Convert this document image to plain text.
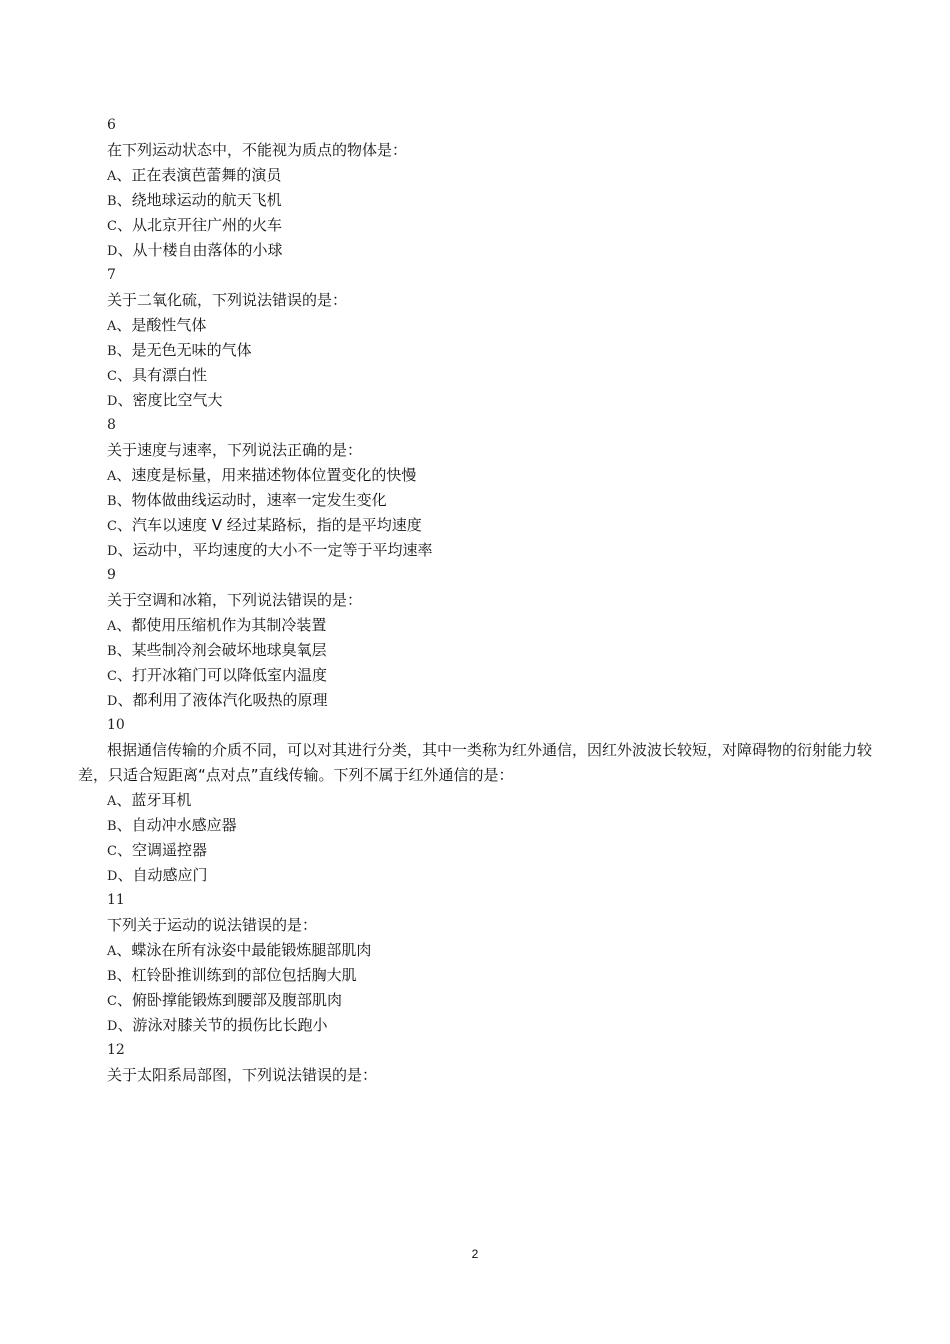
6
在下列运动状态中，不能视为质点的物体是：
A、正在表演芭蕾舞的演员
B、绕地球运动的航天飞机
C、从北京开往广州的火车
D、从十楼自由落体的小球
7
关于二氧化硫，下列说法错误的是：
A、是酸性气体
B、是无色无味的气体
C、具有漂白性
D、密度比空气大
8
关于速度与速率，下列说法正确的是：
A、速度是标量，用来描述物体位置变化的快慢
B、物体做曲线运动时，速率一定发生变化
C、汽车以速度 V 经过某路标，指的是平均速度
D、运动中，平均速度的大小不一定等于平均速率
9
关于空调和冰箱，下列说法错误的是：
A、都使用压缩机作为其制冷装置
B、某些制冷剂会破坏地球臭氧层
C、打开冰箱门可以降低室内温度
D、都利用了液体汽化吸热的原理
10
根据通信传输的介质不同，可以对其进行分类，其中一类称为红外通信，因红外波波长较短，对障碍物的衍射能力较差，只适合短距离“点对点”直线传输。下列不属于红外通信的是：
A、蓝牙耳机
B、自动冲水感应器
C、空调遥控器
D、自动感应门
11
下列关于运动的说法错误的是：
A、蝶泳在所有泳姿中最能锻炼腿部肌肉
B、杠铃卧推训练到的部位包括胸大肌
C、俯卧撑能锻炼到腰部及腹部肌肉
D、游泳对膝关节的损伤比长跑小
12
关于太阳系局部图，下列说法错误的是：
2
